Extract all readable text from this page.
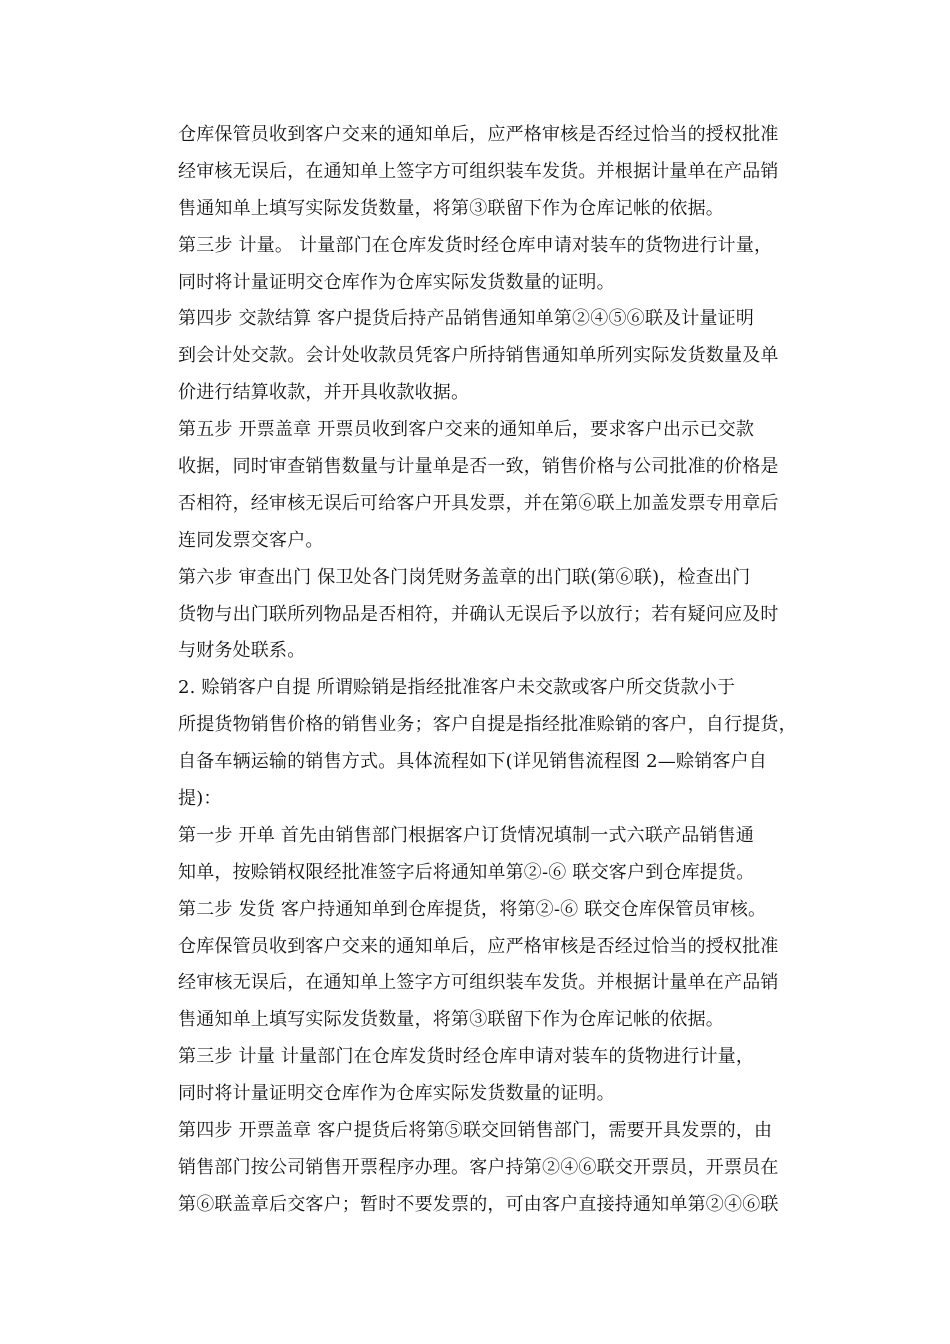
仓库保管员收到客户交来的通知单后，应严格审核是否经过恰当的授权批准
经审核无误后，在通知单上签字方可组织装车发货。并根据计量单在产品销
售通知单上填写实际发货数量，将第③联留下作为仓库记帐的依据。
第三步 计量。 计量部门在仓库发货时经仓库申请对装车的货物进行计量，
同时将计量证明交仓库作为仓库实际发货数量的证明。
第四步 交款结算 客户提货后持产品销售通知单第②④⑤⑥联及计量证明
到会计处交款。会计处收款员凭客户所持销售通知单所列实际发货数量及单
价进行结算收款，并开具收款收据。
第五步 开票盖章 开票员收到客户交来的通知单后，要求客户出示已交款
收据，同时审查销售数量与计量单是否一致，销售价格与公司批准的价格是
否相符，经审核无误后可给客户开具发票，并在第⑥联上加盖发票专用章后
连同发票交客户。
第六步 审查出门 保卫处各门岗凭财务盖章的出门联(第⑥联)，检查出门
货物与出门联所列物品是否相符，并确认无误后予以放行；若有疑问应及时
与财务处联系。
2. 赊销客户自提 所谓赊销是指经批准客户未交款或客户所交货款小于
所提货物销售价格的销售业务；客户自提是指经批准赊销的客户，自行提货，
自备车辆运输的销售方式。具体流程如下(详见销售流程图 2—赊销客户自
提)：
第一步 开单 首先由销售部门根据客户订货情况填制一式六联产品销售通
知单，按赊销权限经批准签字后将通知单第②-⑥ 联交客户到仓库提货。
第二步 发货 客户持通知单到仓库提货，将第②-⑥ 联交仓库保管员审核。
仓库保管员收到客户交来的通知单后，应严格审核是否经过恰当的授权批准
经审核无误后，在通知单上签字方可组织装车发货。并根据计量单在产品销
售通知单上填写实际发货数量，将第③联留下作为仓库记帐的依据。
第三步 计量 计量部门在仓库发货时经仓库申请对装车的货物进行计量，
同时将计量证明交仓库作为仓库实际发货数量的证明。
第四步 开票盖章 客户提货后将第⑤联交回销售部门，需要开具发票的，由
销售部门按公司销售开票程序办理。客户持第②④⑥联交开票员，开票员在
第⑥联盖章后交客户；暂时不要发票的，可由客户直接持通知单第②④⑥联
